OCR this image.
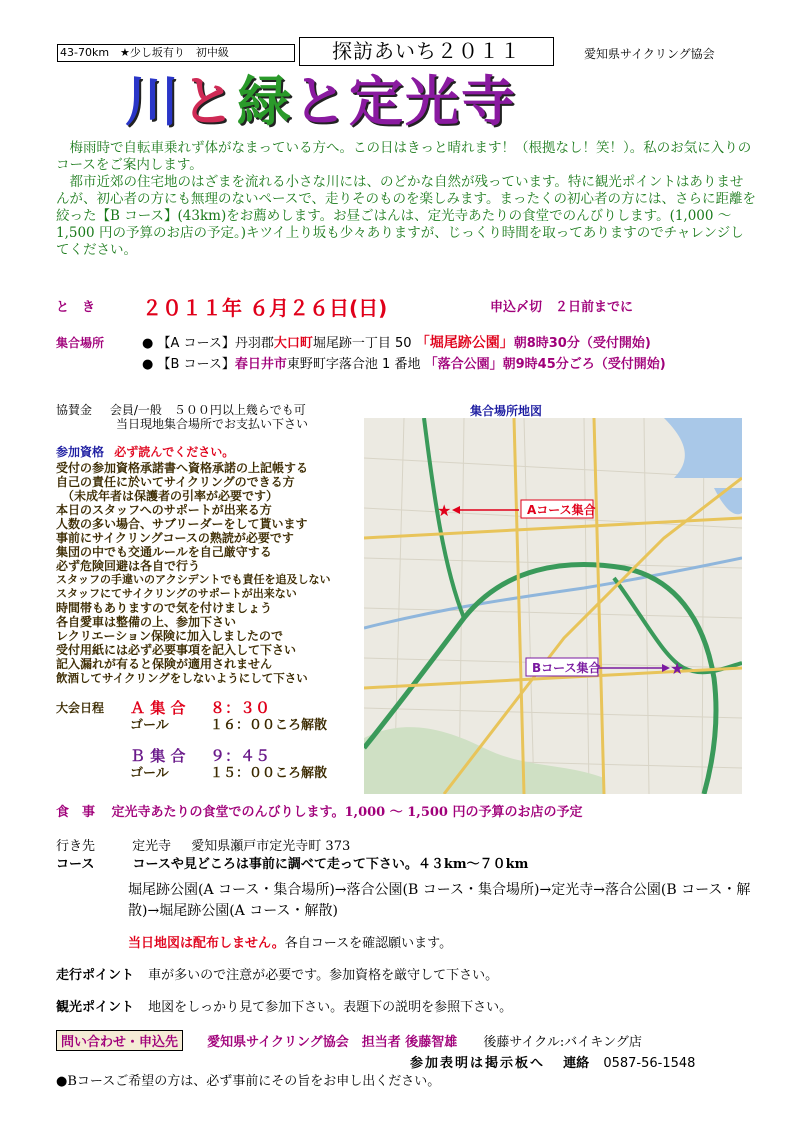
43-70km　★少し坂有り　初中級	探訪あいち２０１１	愛知県サイクリング協会
川と緑と定光寺

　梅雨時で自転車乗れず体がなまっている方へ。この日はきっと晴れます！（根拠なし！笑！）。私のお気に入りのコースをご案内します。

　都市近郊の住宅地のはざまを流れる小さな川には、のどかな自然が残っています。特に観光ポイントはありませんが、初心者の方にも無理のないペースで、走りそのものを楽しみます。まったくの初心者の方には、さらに距離を絞った【B コース】(43km)をお薦めします。お昼ごはんは、定光寺あたりの食堂でのんびりします。(1,000 ～ 1,500 円の予算のお店の予定。)キツイ上り坂も少々ありますが、じっくり時間を取ってありますのでチャレンジしてください。

と　き ２０１１年 ６月２６日(日)	申込〆切　２日前までに
集合場所	● 【A コース】丹羽郡大口町堀尾跡一丁目 50 「堀尾跡公園」朝8時30分（受付開始)
● 【B コース】春日井市東野町字落合池 1 番地 「落合公園」朝9時45分ごろ（受付開始)
協賛金 会員/一般　５００円以上幾らでも可
当日現地集合場所でお支払い下さい
参加資格 必ず読んでください。
受付の参加資格承諾書へ資格承諾の上記帳する
自己の責任に於いてサイクリングのできる方
　（未成年者は保護者の引率が必要です）
本日のスタッフへのサポートが出来る方
人数の多い場合、サブリーダーをして貰います
事前にサイクリングコースの熟読が必要です
集団の中でも交通ルールを自己厳守する
必ず危険回避は各自で行う
スタッフの手違いのアクシデントでも責任を追及しない
スタッフにてサイクリングのサポートが出来ない
時間帯もありますので気を付けましょう
各自愛車は整備の上、参加下さい
レクリエーション保険に加入しましたので
受付用紙には必ず必要事項を記入して下さい
記入漏れが有ると保険が適用されません
飲酒してサイクリングをしないようにして下さい
大会日程	Ａ 集 合	８：３０
	ゴール	１６：００ころ解散

	Ｂ 集 合	９：４５
	ゴール	１５：００ころ解散
集合場所地図
★	Aコース集合
★
Bコース集合
食　事 定光寺あたりの食堂でのんびりします。1,000 ～ 1,500 円の予算のお店の予定
行き先	定光寺 愛知県瀬戸市定光寺町 373
コース	コースや見どころは事前に調べて走って下さい。４３km～７０km
堀尾跡公園(A コース・集合場所)→落合公園(B コース・集合場所)→定光寺→落合公園(B コース・解散)→堀尾跡公園(A コース・解散)
当日地図は配布しません。各自コースを確認願います。
走行ポイント 車が多いので注意が必要です。参加資格を厳守して下さい。
観光ポイント 地図をしっかり見て参加下さい。表題下の説明を参照下さい。
問い合わせ・申込先 愛知県サイクリング協会　担当者 後藤智雄 後藤サイクル:バイキング店
参加表明は掲示板へ 連絡 0587-56-1548
●Bコースご希望の方は、必ず事前にその旨をお申し出ください。
